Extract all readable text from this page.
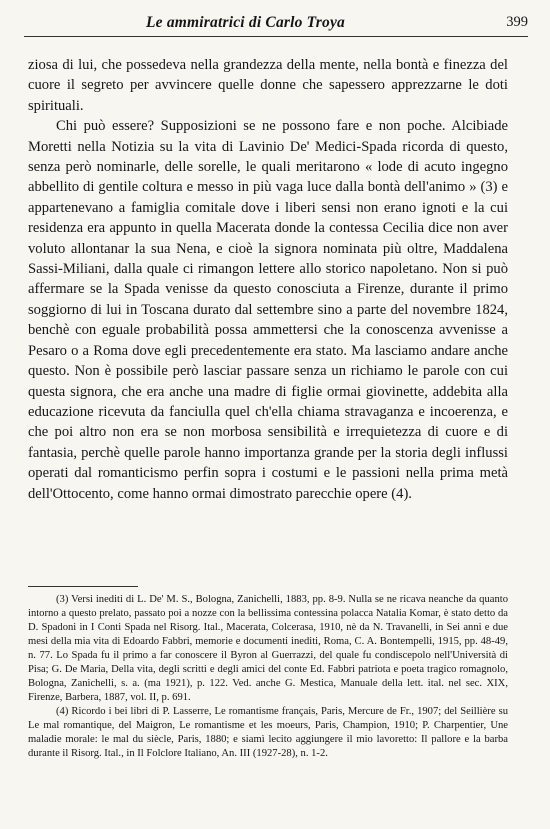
Le ammiratrici di Carlo Troya	399

ziosa di lui, che possedeva nella grandezza della mente, nella bontà e finezza del cuore il segreto per avvincere quelle donne che sapessero apprezzarne le doti spirituali.

Chi può essere? Supposizioni se ne possono fare e non poche. Alcibiade Moretti nella Notizia su la vita di Lavinio De' Medici-Spada ricorda di questo, senza però nominarle, delle sorelle, le quali meritarono « lode di acuto ingegno abbellito di gentile coltura e messo in più vaga luce dalla bontà dell'animo » (3) e appartenevano a famiglia comitale dove i liberi sensi non erano ignoti e la cui residenza era appunto in quella Macerata donde la contessa Cecilia dice non aver voluto allontanar la sua Nena, e cioè la signora nominata più oltre, Maddalena Sassi-Miliani, dalla quale ci rimangon lettere allo storico napoletano. Non si può affermare se la Spada venisse da questo conosciuta a Firenze, durante il primo soggiorno di lui in Toscana durato dal settembre sino a parte del novembre 1824, benchè con eguale probabilità possa ammettersi che la conoscenza avvenisse a Pesaro o a Roma dove egli precedentemente era stato. Ma lasciamo andare anche questo. Non è possibile però lasciar passare senza un richiamo le parole con cui questa signora, che era anche una madre di figlie ormai giovinette, addebita alla educazione ricevuta da fanciulla quel ch'ella chiama stravaganza e incoerenza, e che poi altro non era se non morbosa sensibilità e irrequietezza di cuore e di fantasia, perchè quelle parole hanno importanza grande per la storia degli influssi operati dal romanticismo perfin sopra i costumi e le passioni nella prima metà dell'Ottocento, come hanno ormai dimostrato parecchie opere (4).

(3) Versi inediti di L. De' M. S., Bologna, Zanichelli, 1883, pp. 8-9. Nulla se ne ricava neanche da quanto intorno a questo prelato, passato poi a nozze con la bellissima contessina polacca Natalia Komar, è stato detto da D. Spadoni in I Conti Spada nel Risorg. Ital., Macerata, Colcerasa, 1910, nè da N. Travanelli, in Sei anni e due mesi della mia vita di Edoardo Fabbri, memorie e documenti inediti, Roma, C. A. Bontempelli, 1915, pp. 48-49, n. 77. Lo Spada fu il primo a far conoscere il Byron al Guerrazzi, del quale fu condiscepolo nell'Università di Pisa; G. De Maria, Della vita, degli scritti e degli amici del conte Ed. Fabbri patriota e poeta tragico romagnolo, Bologna, Zanichelli, s. a. (ma 1921), p. 122. Ved. anche G. Mestica, Manuale della lett. ital. nel sec. XIX, Firenze, Barbera, 1887, vol. II, p. 691.

(4) Ricordo i bei libri di P. Lasserre, Le romantisme français, Paris, Mercure de Fr., 1907; del Seillière su Le mal romantique, del Maigron, Le romantisme et les moeurs, Paris, Champion, 1910; P. Charpentier, Une maladie morale: le mal du siècle, Paris, 1880; e siamì lecito aggiungere il mio lavoretto: Il pallore e la barba durante il Risorg. Ital., in Il Folclore Italiano, An. III (1927-28), n. 1-2.
